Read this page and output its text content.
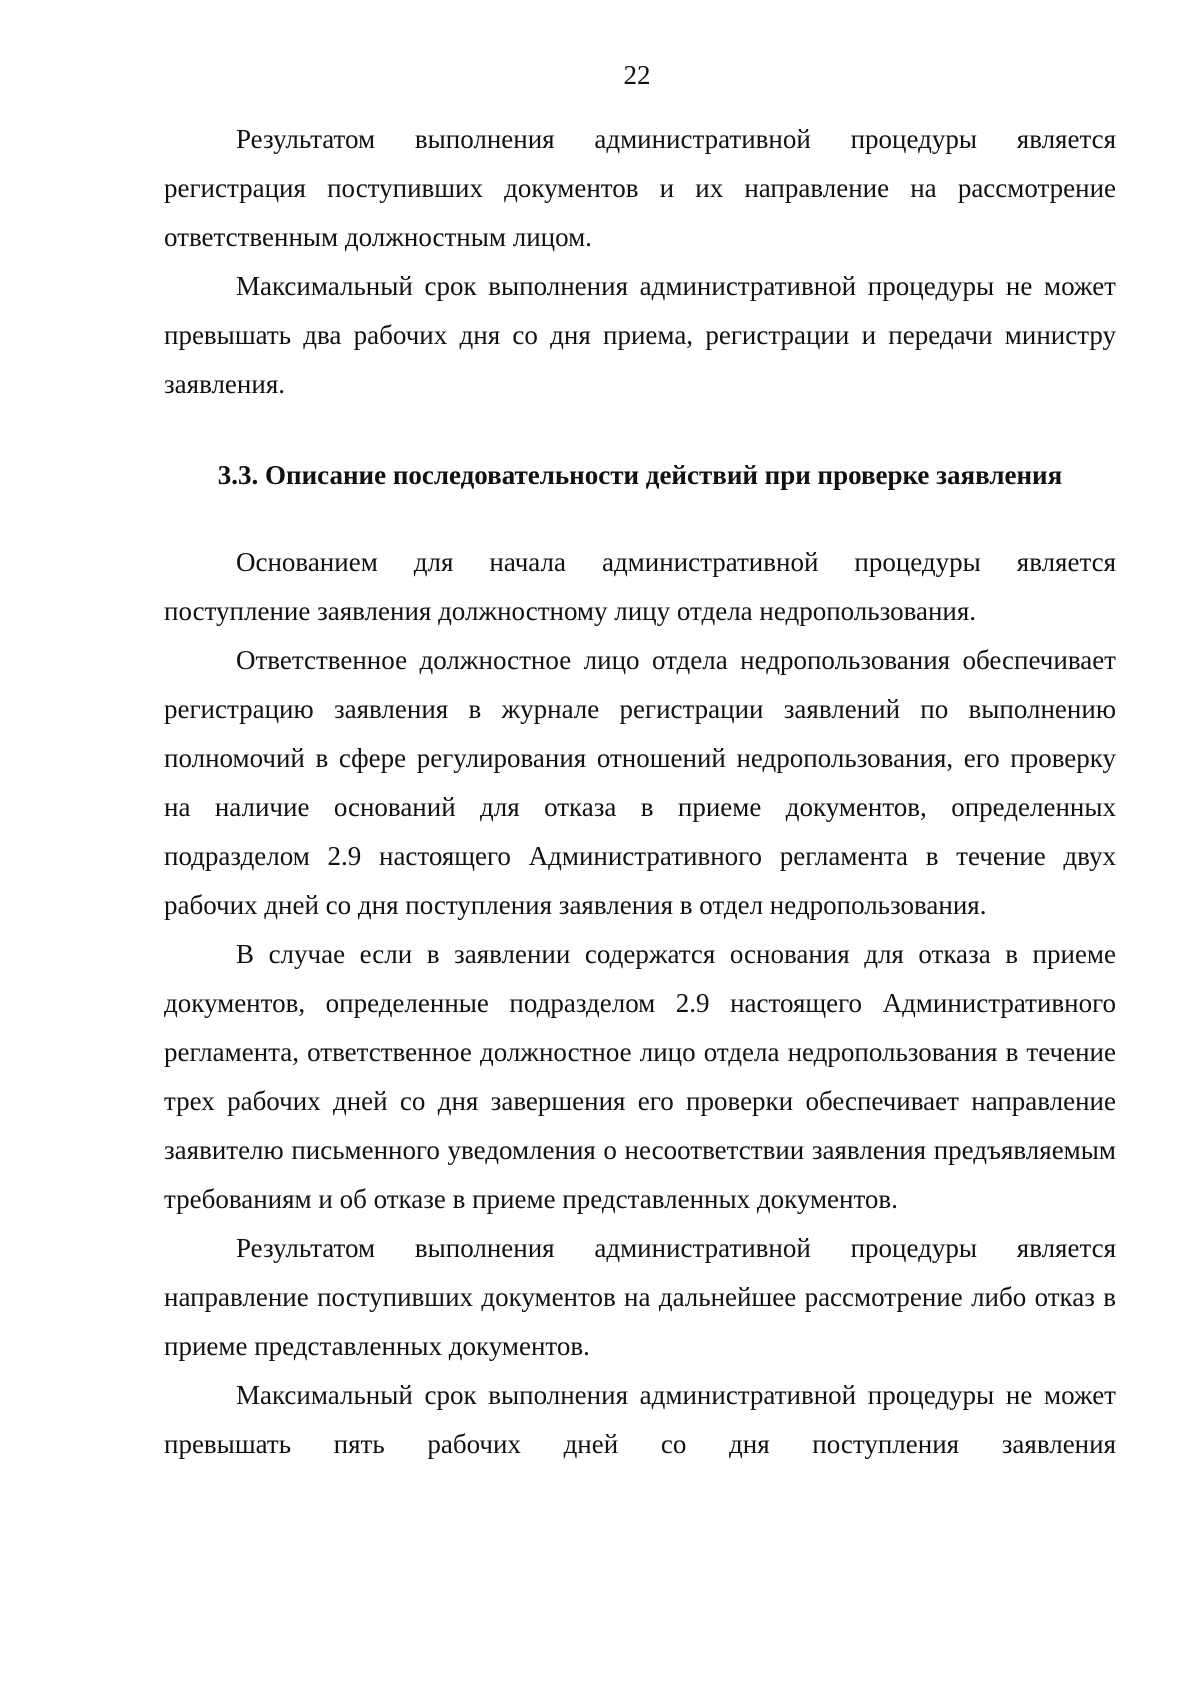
22

Результатом выполнения административной процедуры является регистрация поступивших документов и их направление на рассмотрение ответственным должностным лицом.

Максимальный срок выполнения административной процедуры не может превышать два рабочих дня со дня приема, регистрации и передачи министру заявления.

3.3. Описание последовательности действий при проверке заявления

Основанием для начала административной процедуры является поступление заявления должностному лицу отдела недропользования.

Ответственное должностное лицо отдела недропользования обеспечивает регистрацию заявления в журнале регистрации заявлений по выполнению полномочий в сфере регулирования отношений недропользования, его проверку на наличие оснований для отказа в приеме документов, определенных подразделом 2.9 настоящего Административного регламента в течение двух рабочих дней со дня поступления заявления в отдел недропользования.

В случае если в заявлении содержатся основания для отказа в приеме документов, определенные подразделом 2.9 настоящего Административного регламента, ответственное должностное лицо отдела недропользования в течение трех рабочих дней со дня завершения его проверки обеспечивает направление заявителю письменного уведомления о несоответствии заявления предъявляемым требованиям и об отказе в приеме представленных документов.

Результатом выполнения административной процедуры является направление поступивших документов на дальнейшее рассмотрение либо отказ в приеме представленных документов.

Максимальный срок выполнения административной процедуры не может превышать пять рабочих дней со дня поступления заявления
